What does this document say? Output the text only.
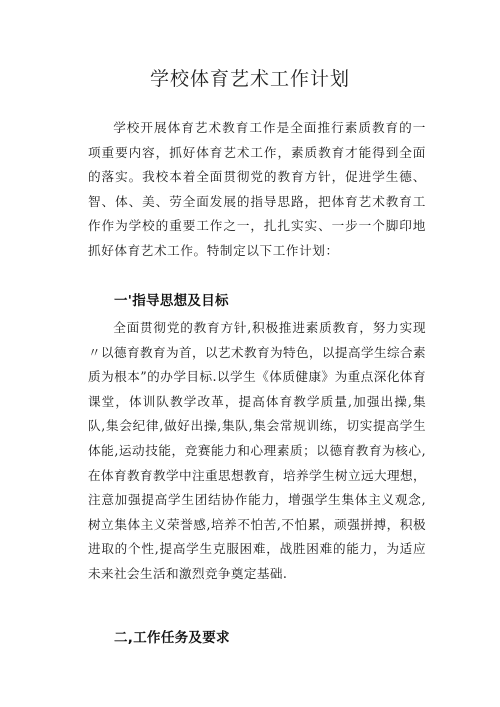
学校体育艺术工作计划

学校开展体育艺术教育工作是全面推行素质教育的一项重要内容，抓好体育艺术工作，素质教育才能得到全面的落实。我校本着全面贯彻党的教育方针，促进学生德、智、体、美、劳全面发展的指导思路，把体育艺术教育工作作为学校的重要工作之一，扎扎实实、一步一个脚印地抓好体育艺术工作。特制定以下工作计划：

一'指导思想及目标

全面贯彻党的教育方针,积极推进素质教育，努力实现〃以德育教育为首，以艺术教育为特色，以提高学生综合素质为根本”的办学目标.以学生《体质健康》为重点深化体育课堂，体训队教学改革，提高体育教学质量,加强出操,集队,集会纪律,做好出操,集队,集会常规训练，切实提高学生体能,运动技能，竞赛能力和心理素质；以德育教育为核心,在体育教育教学中注重思想教育，培养学生树立远大理想，注意加强提高学生团结协作能力，增强学生集体主义观念,树立集体主义荣誉感,培养不怕苦,不怕累，顽强拼搏，积极进取的个性,提高学生克服困难，战胜困难的能力，为适应未来社会生活和激烈竞争奠定基础.

二,工作任务及要求
